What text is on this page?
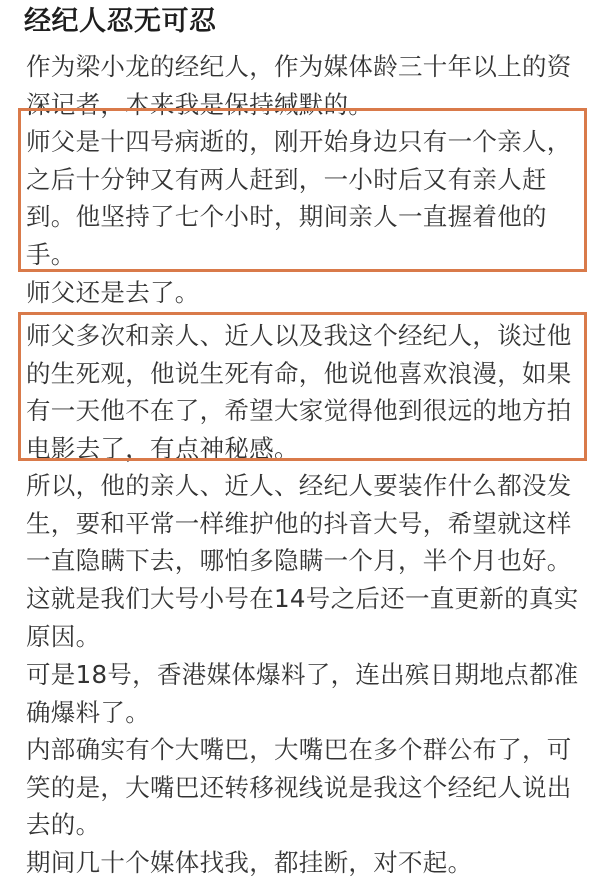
经纪人忍无可忍
作为梁小龙的经纪人，作为媒体龄三十年以上的资
深记者，本来我是保持缄默的。
师父是十四号病逝的，刚开始身边只有一个亲人，
之后十分钟又有两人赶到，一小时后又有亲人赶
到。他坚持了七个小时，期间亲人一直握着他的
手。
师父还是去了。
师父多次和亲人、近人以及我这个经纪人，谈过他
的生死观，他说生死有命，他说他喜欢浪漫，如果
有一天他不在了，希望大家觉得他到很远的地方拍
电影去了，有点神秘感。
所以，他的亲人、近人、经纪人要装作什么都没发
生，要和平常一样维护他的抖音大号，希望就这样
一直隐瞒下去，哪怕多隐瞒一个月，半个月也好。
这就是我们大号小号在14号之后还一直更新的真实
原因。
可是18号，香港媒体爆料了，连出殡日期地点都准
确爆料了。
内部确实有个大嘴巴，大嘴巴在多个群公布了，可
笑的是，大嘴巴还转移视线说是我这个经纪人说出
去的。
期间几十个媒体找我，都挂断，对不起。
